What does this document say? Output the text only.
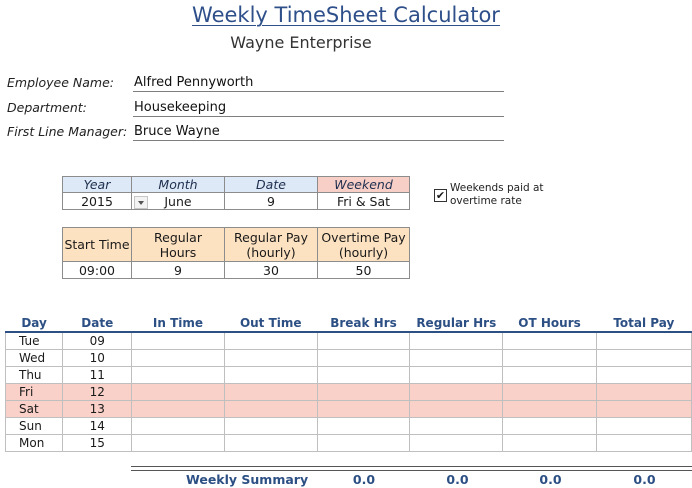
Weekly TimeSheet Calculator
Wayne Enterprise
Employee Name: Alfred Pennyworth
Department:	Housekeeping
First Line Manager: Bruce Wayne
Year	Month	Date	Weekend
2015	June	9	Fri & Sat	✔
Weekends paid at
overtime rate
Start Time	Regular Hours	Regular Pay (hourly)	Overtime Pay (hourly)

09:00	9	30	50
Day	Date	In Time	Out Time	Break Hrs	Regular Hrs	OT Hours	Total Pay
Tue	09						
Wed	10						
Thu	11						
Fri	12						
Sat	13						
Sun	14						
Mon	15						
Weekly Summary	0.0	0.0	0.0	0.0
